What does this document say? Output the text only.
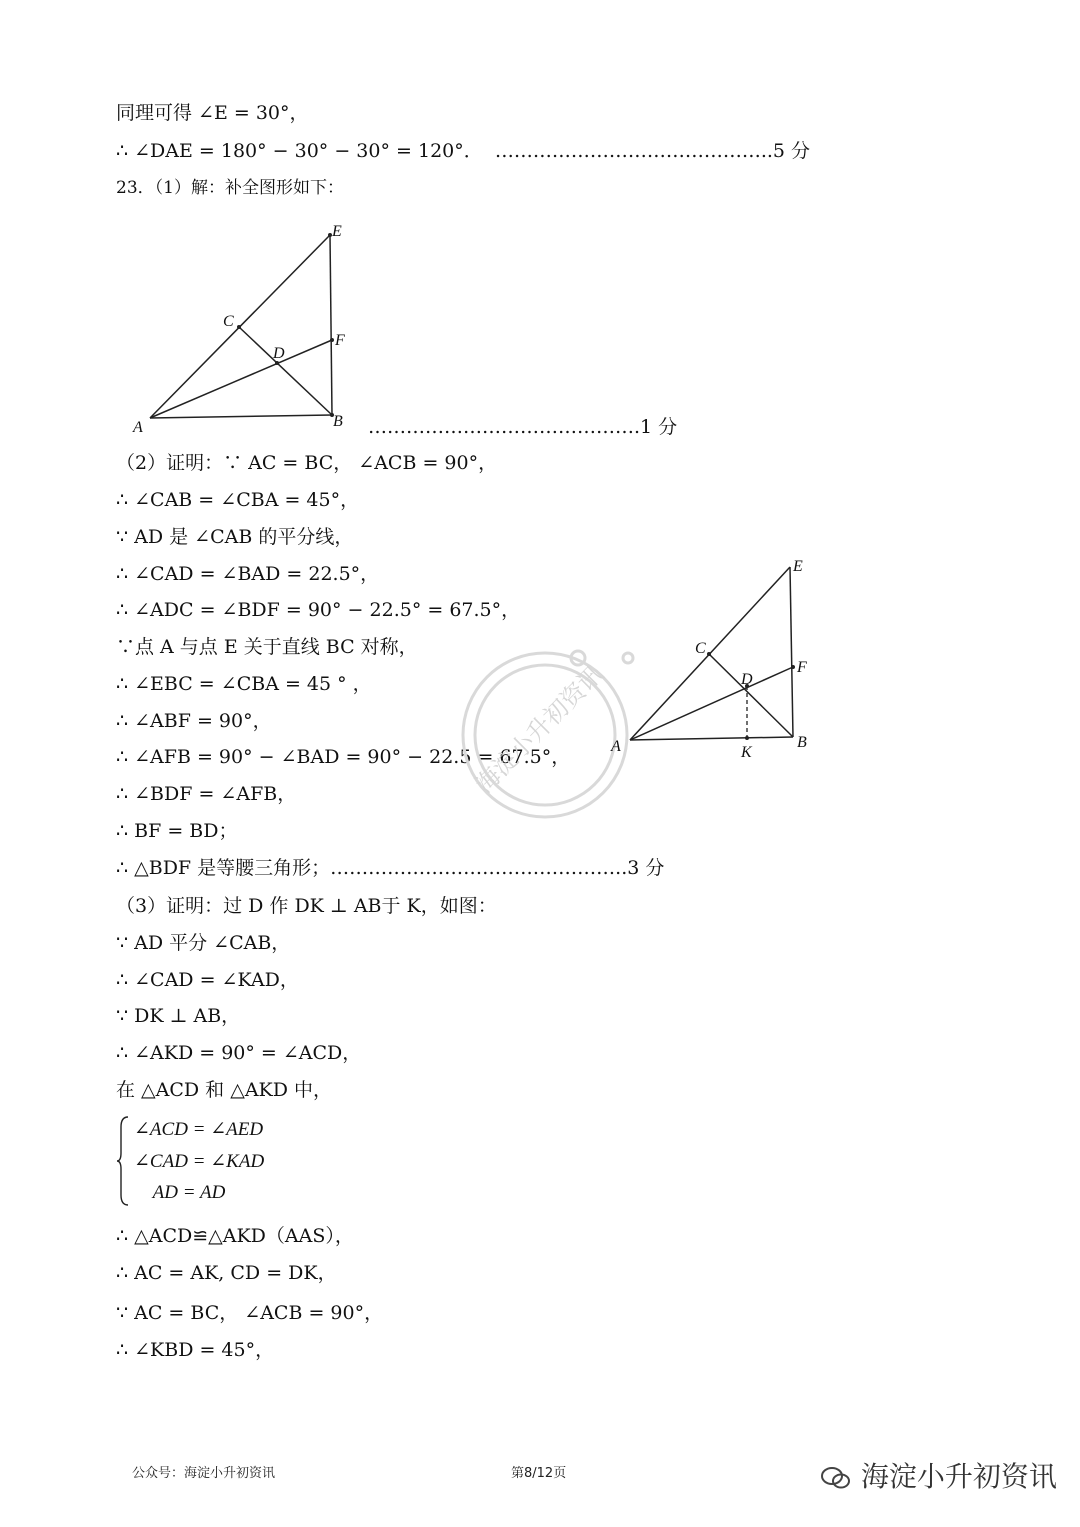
同理可得 ∠E = 30°，
∴ ∠DAE = 180° − 30° − 30° = 120°．  ……………………………………..5 分
23．（1）解：补全图形如下：
A	B
C
D
E
F
…………………………………….1 分
（2）证明：∵ AC = BC， ∠ACB = 90°，
∴ ∠CAB = ∠CBA = 45°，
∵ AD 是 ∠CAB 的平分线，
∴ ∠CAD = ∠BAD = 22.5°，
∴ ∠ADC = ∠BDF = 90° − 22.5° = 67.5°，
∵点 A 与点 E 关于直线 BC 对称，
∴ ∠EBC = ∠CBA = 45 ° ，
∴ ∠ABF = 90°，
∴ ∠AFB = 90° − ∠BAD = 90° − 22.5 = 67.5°，
∴ ∠BDF = ∠AFB，
∴ BF = BD；
∴ △BDF 是等腰三角形；………………………………………..3 分
海淀小升初资讯 A	B
C
D
E
F
K
（3）证明：过 D 作 DK ⊥ AB于 K，如图：
∵ AD 平分 ∠CAB，
∴ ∠CAD = ∠KAD，
∵ DK ⊥ AB，
∴ ∠AKD = 90° = ∠ACD，
在 △ACD 和 △AKD 中，
∠ACD = ∠AED
∠CAD = ∠KAD
AD = AD
∴ △ACD≌△AKD（AAS），
∴ AC = AK, CD = DK，
∵ AC = BC， ∠ACB = 90°，
∴ ∠KBD = 45°，
公众号：海淀小升初资讯	第8/12页	海淀小升初资讯
